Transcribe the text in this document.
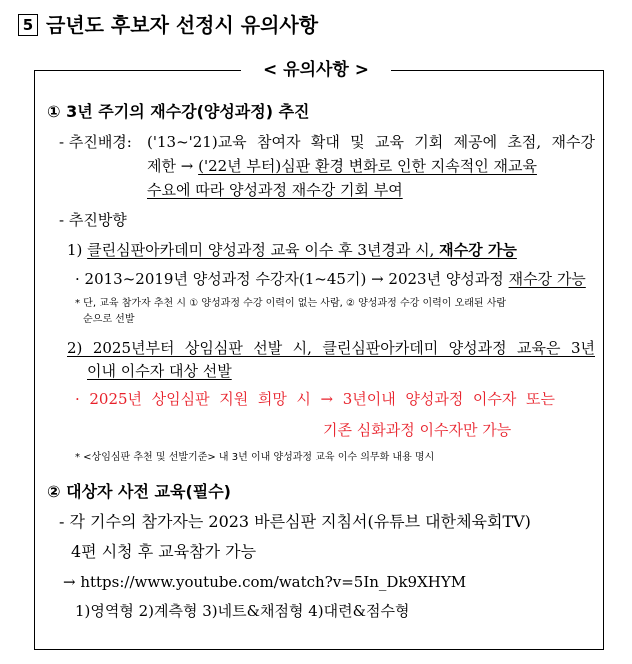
5 금년도 후보자 선정시 유의사항
< 유의사항 >
① 3년 주기의 재수강(양성과정) 추진
- 추진배경: ('13~'21)교육 참여자 확대 및 교육 기회 제공에 초점, 재수강
제한 → ('22년 부터)심판 환경 변화로 인한 지속적인 재교육
수요에 따라 양성과정 재수강 기회 부여
- 추진방향
1) 클린심판아카데미 양성과정 교육 이수 후 3년경과 시, 재수강 가능
· 2013~2019년 양성과정 수강자(1~45기) → 2023년 양성과정 재수강 가능
* 단, 교육 참가자 추천 시 ① 양성과정 수강 이력이 없는 사람, ② 양성과정 수강 이력이 오래된 사람
순으로 선발
2) 2025년부터 상임심판 선발 시, 클린심판아카데미 양성과정 교육은 3년
이내 이수자 대상 선발
· 2025년 상임심판 지원 희망 시 → 3년이내 양성과정 이수자 또는
기존 심화과정 이수자만 가능
* <상임심판 추천 및 선발기준> 내 3년 이내 양성과정 교육 이수 의무화 내용 명시
② 대상자 사전 교육(필수)
- 각 기수의 참가자는 2023 바른심판 지침서(유튜브 대한체육회TV)
4편 시청 후 교육참가 가능
→ https://www.youtube.com/watch?v=5In_Dk9XHYM
1)영역형 2)계측형 3)네트&채점형 4)대련&점수형
